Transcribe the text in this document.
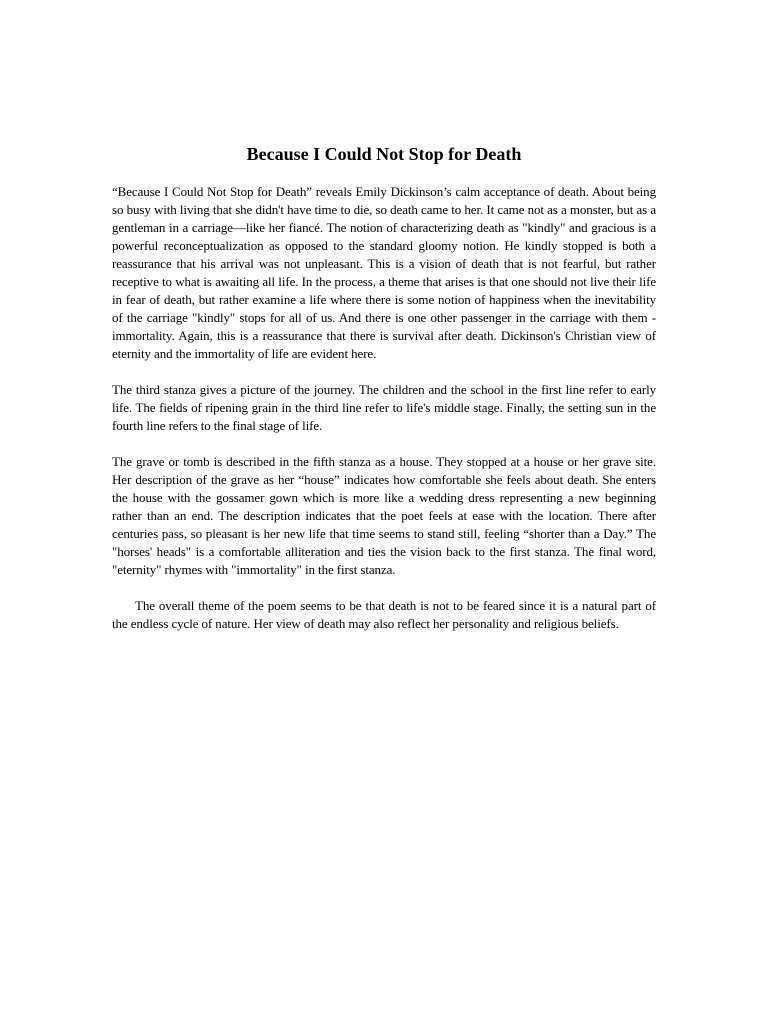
Because I Could Not Stop for Death

“Because I Could Not Stop for Death” reveals Emily Dickinson’s calm acceptance of death. About being so busy with living that she didn't have time to die, so death came to her. It came not as a monster, but as a gentleman in a carriage—like her fiancé. The notion of characterizing death as "kindly" and gracious is a powerful reconceptualization as opposed to the standard gloomy notion. He kindly stopped is both a reassurance that his arrival was not unpleasant. This is a vision of death that is not fearful, but rather receptive to what is awaiting all life. In the process, a theme that arises is that one should not live their life in fear of death, but rather examine a life where there is some notion of happiness when the inevitability of the carriage "kindly" stops for all of us. And there is one other passenger in the carriage with them - immortality. Again, this is a reassurance that there is survival after death. Dickinson's Christian view of eternity and the immortality of life are evident here.

The third stanza gives a picture of the journey. The children and the school in the first line refer to early life. The fields of ripening grain in the third line refer to life's middle stage. Finally, the setting sun in the fourth line refers to the final stage of life.

The grave or tomb is described in the fifth stanza as a house. They stopped at a house or her grave site. Her description of the grave as her “house” indicates how comfortable she feels about death. She enters the house with the gossamer gown which is more like a wedding dress representing a new beginning rather than an end. The description indicates that the poet feels at ease with the location. There after centuries pass, so pleasant is her new life that time seems to stand still, feeling “shorter than a Day.” The "horses' heads" is a comfortable alliteration and ties the vision back to the first stanza. The final word, "eternity" rhymes with "immortality" in the first stanza.

The overall theme of the poem seems to be that death is not to be feared since it is a natural part of the endless cycle of nature. Her view of death may also reflect her personality and religious beliefs.
